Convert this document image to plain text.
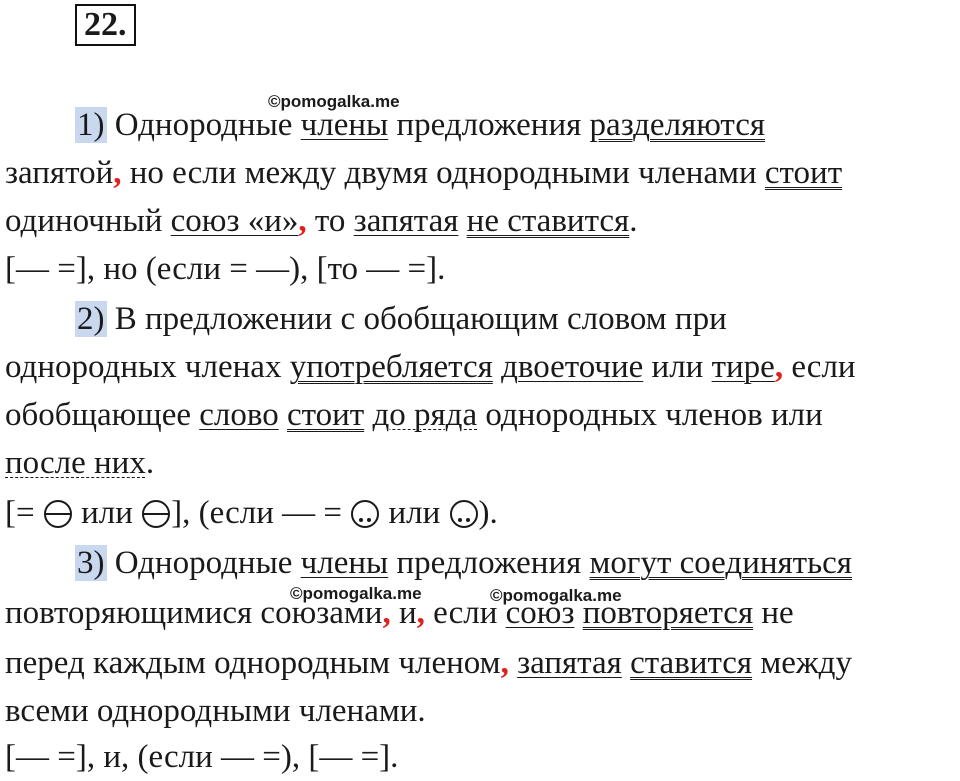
22.
©pomogalka.me
©pomogalka.me	©pomogalka.me
1) Однородные члены предложения разделяются
запятой, но если между двумя однородными членами стоит
одиночный союз «и», то запятая не ставится.
[— =], но (если = —), [то — =].
2) В предложении с обобщающим словом при
однородных членах употребляется двоеточие или тире, если
обобщающее слово стоит до ряда однородных членов или
после них.
[=  или ], (если — =  или ).
3) Однородные члены предложения могут соединяться
повторяющимися союзами, и, если союз повторяется не
перед каждым однородным членом, запятая ставится между
всеми однородными членами.
[— =], и, (если — =), [— =].
